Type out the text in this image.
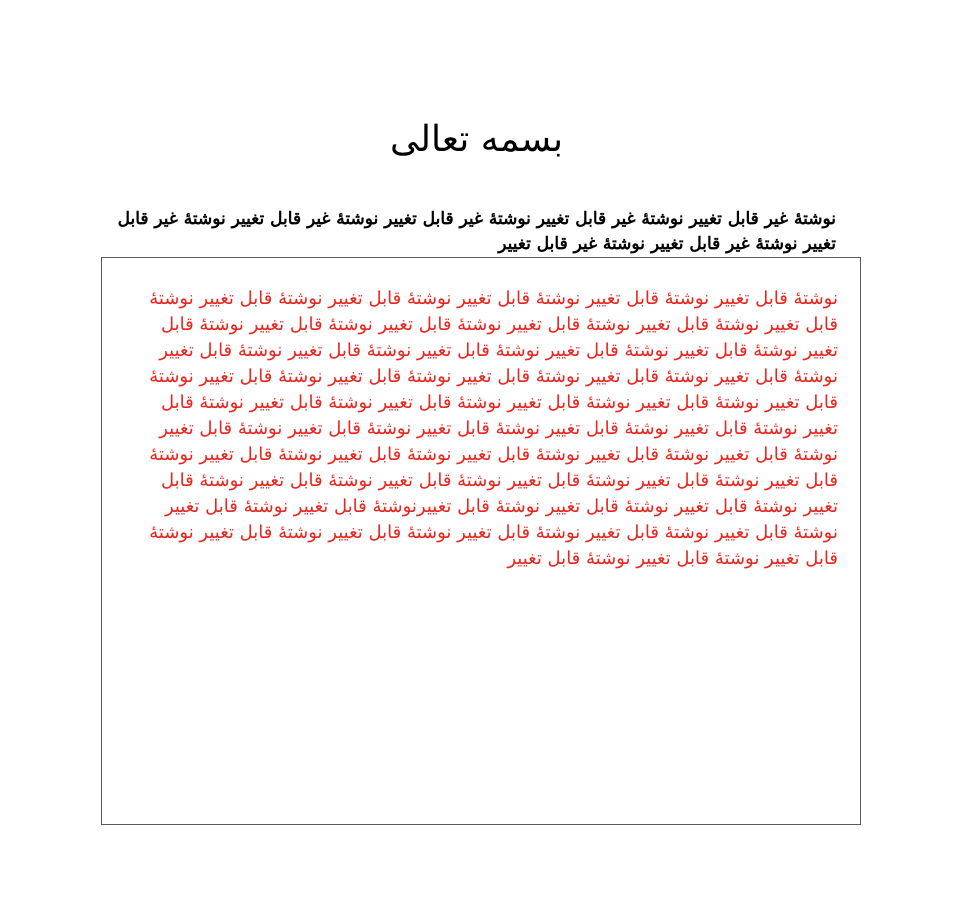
بسمه تعالی
نوشتهٔ غیر قابل تغییر نوشتهٔ غیر قابل تغییر نوشتهٔ غیر قابل تغییر نوشتهٔ غیر قابل تغییر نوشتهٔ غیر قابل تغییر نوشتهٔ غیر قابل تغییر نوشتهٔ غیر قابل تغییر
نوشتهٔ قابل تغییر نوشتهٔ قابل تغییر نوشتهٔ قابل تغییر نوشتهٔ قابل تغییر نوشتهٔ قابل تغییر نوشتهٔ قابل تغییر نوشتهٔ قابل تغییر نوشتهٔ قابل تغییر نوشتهٔ قابل تغییر نوشتهٔ قابل تغییر نوشتهٔ قابل تغییر نوشتهٔ قابل تغییر نوشتهٔ قابل تغییر نوشتهٔ قابل تغییر نوشتهٔ قابل تغییر نوشتهٔ قابل تغییر نوشتهٔ قابل تغییر نوشتهٔ قابل تغییر نوشتهٔ قابل تغییر نوشتهٔ قابل تغییر نوشتهٔ قابل تغییر نوشتهٔ قابل تغییر نوشتهٔ قابل تغییر نوشتهٔ قابل تغییر نوشتهٔ قابل تغییر نوشتهٔ قابل تغییر نوشتهٔ قابل تغییر نوشتهٔ قابل تغییر نوشتهٔ قابل تغییر نوشتهٔ قابل تغییر نوشتهٔ قابل تغییر نوشتهٔ قابل تغییر نوشتهٔ قابل تغییر نوشتهٔ قابل تغییر نوشتهٔ قابل تغییر نوشتهٔ قابل تغییر نوشتهٔ قابل تغییر نوشتهٔ قابل تغییر نوشتهٔ قابل تغییر نوشتهٔ قابل تغییر نوشتهٔ قابل تغییر نوشتهٔ قابل تغییر نوشتهٔ قابل تغییر نوشتهٔ قابل تغییر نوشتهٔ قابل تغییر نوشتهٔ قابل تغییرنوشتهٔ قابل تغییر نوشتهٔ قابل تغییر نوشتهٔ قابل تغییر نوشتهٔ قابل تغییر نوشتهٔ قابل تغییر نوشتهٔ قابل تغییر نوشتهٔ قابل تغییر نوشتهٔ قابل تغییر نوشتهٔ قابل تغییر نوشتهٔ قابل تغییر
